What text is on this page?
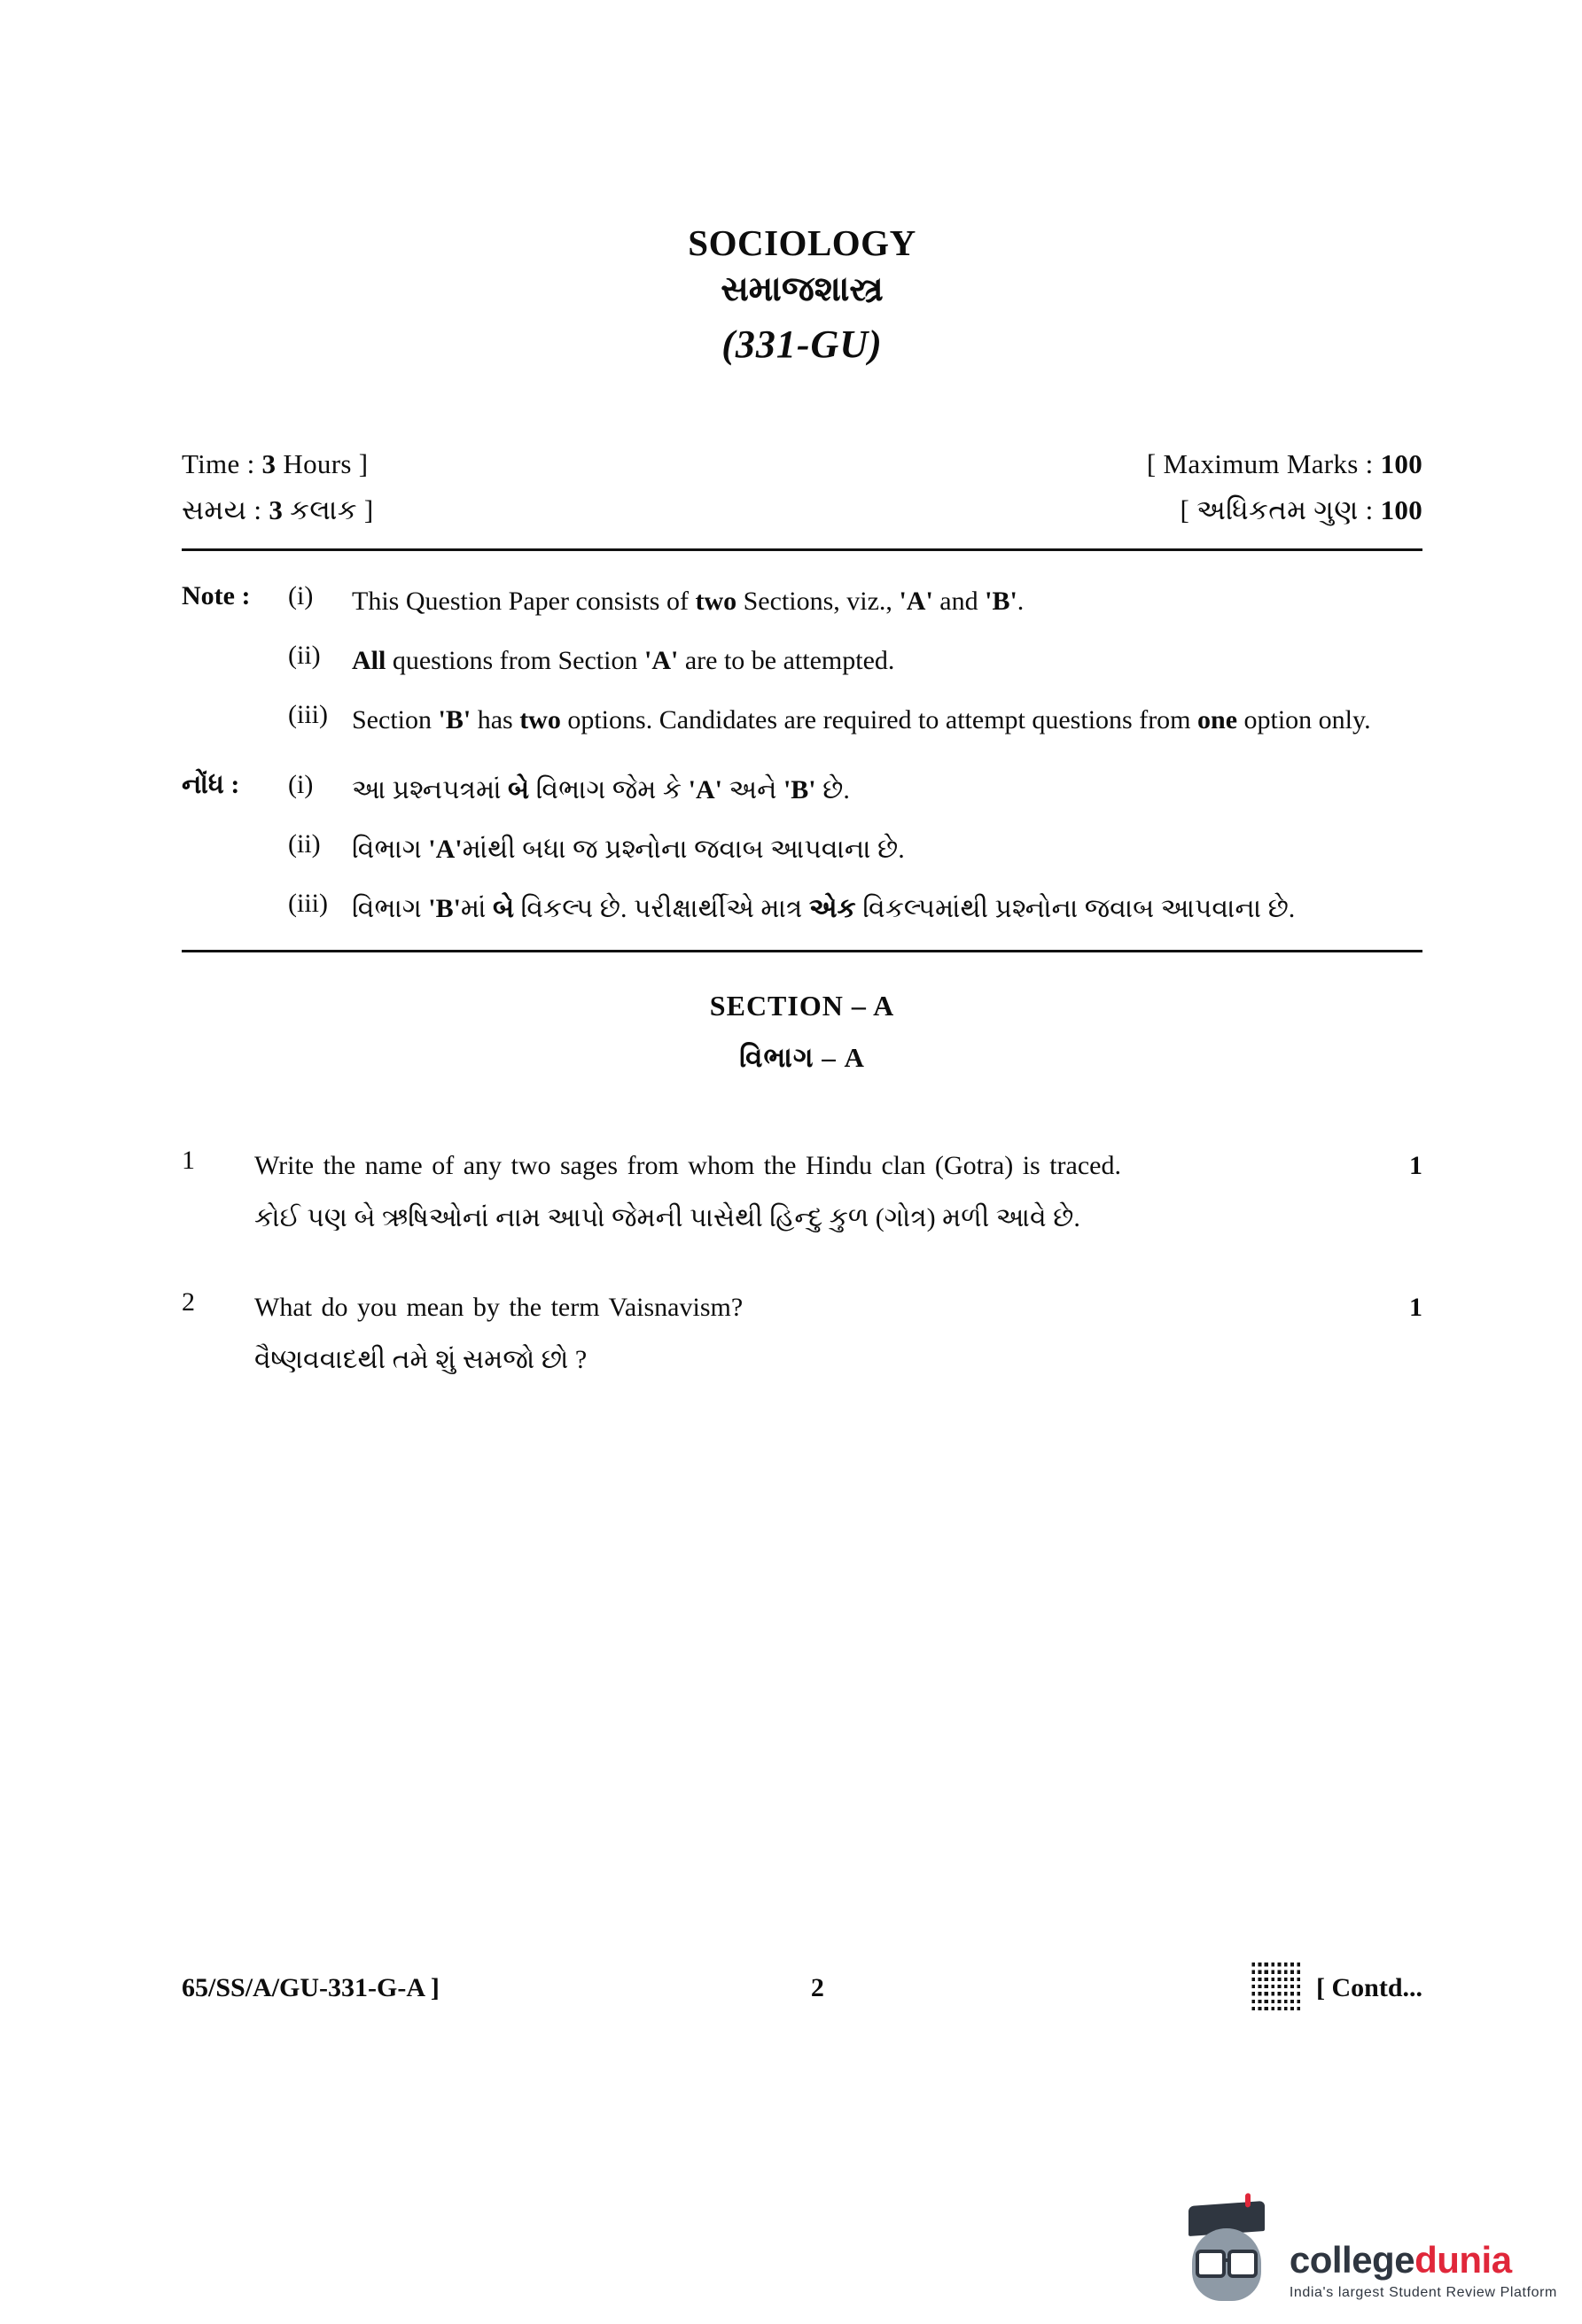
SOCIOLOGY
સમાજશાસ્ત્ર
(331-GU)
Time : 3 Hours ]	[ Maximum Marks : 100
સમય : 3 કલાક ]	[ અધિકતમ ગુણ : 100
Note :	(i)	This Question Paper consists of two Sections, viz., 'A' and 'B'.
(ii)	All questions from Section 'A' are to be attempted.
(iii) Section 'B' has two options. Candidates are required to attempt questions from one option only.
નોંધ :	(i)	આ પ્રશ્નપત્રમાં બે વિભાગ જેમ કે 'A' અને 'B' છે.
(ii)	વિભાગ 'A'માંથી બધા જ પ્રશ્નોના જવાબ આપવાના છે.
(iii) વિભાગ 'B'માં બે વિકલ્પ છે. પરીક્ષાર્થીએ માત્ર એક વિકલ્પમાંથી પ્રશ્નોના જવાબ આપવાના છે.
SECTION – A
વિભાગ – A
1	Write the name of any two sages from whom the Hindu clan (Gotra) is traced.	1
કોઈ પણ બે ઋષિઓનાં નામ આપો જેમની પાસેથી હિન્દુ કુળ (ગોત્ર) મળી આવે છે.
2	What do you mean by the term Vaisnavism?	1
વૈષ્ણવવાદથી તમે શું સમજો છો ?
65/SS/A/GU-331-G-A ]	2	[ Contd...
collegedunia
India's largest Student Review Platform
